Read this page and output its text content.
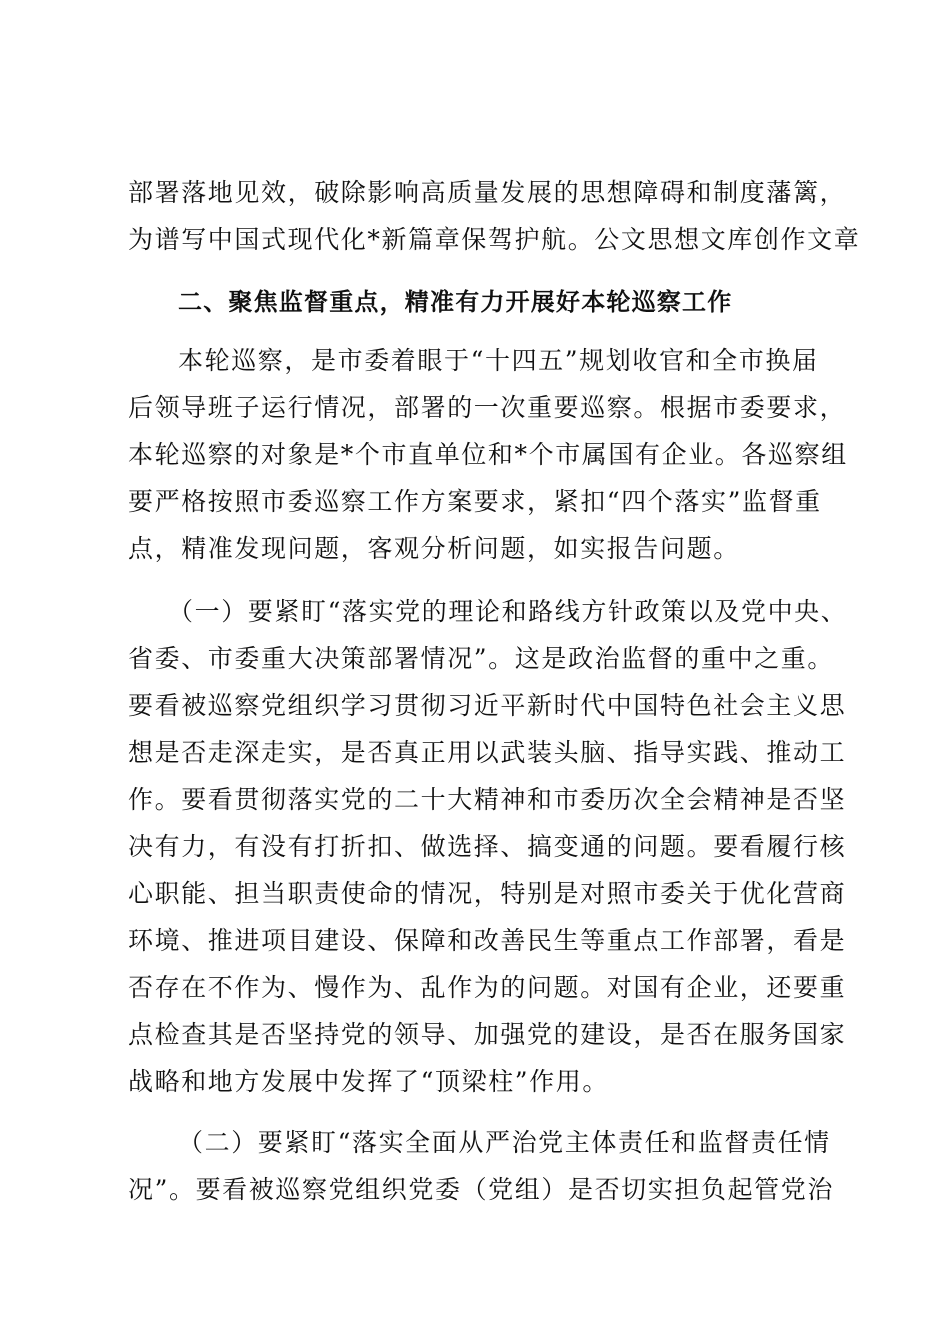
部署落地见效，破除影响高质量发展的思想障碍和制度藩篱，
为谱写中国式现代化*新篇章保驾护航。公文思想文库创作文章
二、聚焦监督重点，精准有力开展好本轮巡察工作
本轮巡察，是市委着眼于“十四五”规划收官和全市换届
后领导班子运行情况，部署的一次重要巡察。根据市委要求，
本轮巡察的对象是*个市直单位和*个市属国有企业。各巡察组
要严格按照市委巡察工作方案要求，紧扣“四个落实”监督重
点，精准发现问题，客观分析问题，如实报告问题。
（一）要紧盯“落实党的理论和路线方针政策以及党中央、
省委、市委重大决策部署情况”。这是政治监督的重中之重。
要看被巡察党组织学习贯彻习近平新时代中国特色社会主义思
想是否走深走实，是否真正用以武装头脑、指导实践、推动工
作。要看贯彻落实党的二十大精神和市委历次全会精神是否坚
决有力，有没有打折扣、做选择、搞变通的问题。要看履行核
心职能、担当职责使命的情况，特别是对照市委关于优化营商
环境、推进项目建设、保障和改善民生等重点工作部署，看是
否存在不作为、慢作为、乱作为的问题。对国有企业，还要重
点检查其是否坚持党的领导、加强党的建设，是否在服务国家
战略和地方发展中发挥了“顶梁柱”作用。
（二）要紧盯“落实全面从严治党主体责任和监督责任情
况”。要看被巡察党组织党委（党组）是否切实担负起管党治
